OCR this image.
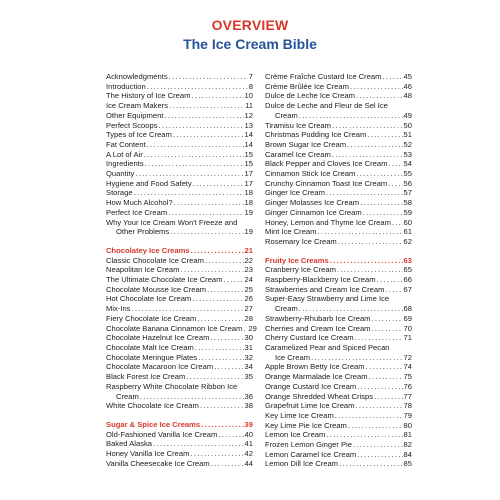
OVERVIEW
The Ice Cream Bible
Acknowledgments . . .	7
Introduction . . .	8
The History of Ice Cream . . .	10
Ice Cream Makers . . .	11
Other Equipment . . .	12
Perfect Scoops . . .	13
Types of Ice Cream . . .	14
Fat Content . . .	14
A Lot of Air . . .	15
Ingredients . . .	15
Quantity . . .	17
Hygiene and Food Safety . . .	17
Storage . . .	18
How Much Alcohol? . . .	18
Perfect Ice Cream . . .	19
Why Your Ice Cream Won't Freeze and
Other Problems . . .	19
Chocolatey Ice Creams . . .	21
Classic Chocolate Ice Cream . . .	22
Neapolitan Ice Cream . . .	23
The Ultimate Chocolate Ice Cream . . .	24
Chocolate Mousse Ice Cream . . .	25
Hot Chocolate Ice Cream . . .	26
Mix-Ins . . .	27
Fiery Chocolate Ice Cream . . .	28
Chocolate Banana Cinnamon Ice Cream . . . 29
Chocolate Hazelnut Ice Cream . . .	30
Chocolate Malt Ice Cream . . .	31
Chocolate Meringue Plates . . .	32
Chocolate Macaroon Ice Cream . . .	34
Black Forest Ice Cream . . .	35
Raspberry White Chocolate Ribbon Ice
Cream . . .	36
White Chocolate Ice Cream . . .	38
Sugar & Spice Ice Creams . . .	39
Old-Fashioned Vanilla Ice Cream . . .	40
Baked Alaska . . .	41
Honey Vanilla Ice Cream . . .	42
Vanilla Cheesecake Ice Cream . . .	44
Crème Fraîche Custard Ice Cream . . .	45
Crème Brûlée Ice Cream . . .	46
Dulce de Leche Ice Cream . . .	48
Dulce de Leche and Fleur de Sel Ice
Cream . . .	49
Tiramisu Ice Cream . . .	50
Christmas Pudding Ice Cream . . .	51
Brown Sugar Ice Cream . . .	52
Caramel Ice Cream . . .	53
Black Pepper and Cloves Ice Cream . . . 54
Cinnamon Stick Ice Cream . . .	55
Crunchy Cinnamon Toast Ice Cream . . . 56
Ginger Ice Cream . . .	57
Ginger Molasses Ice Cream . . .	58
Ginger Cinnamon Ice Cream . . .	59
Honey, Lemon and Thyme Ice Cream . . . 60
Mint Ice Cream . . .	61
Rosemary Ice Cream . . .	62
Fruity Ice Creams . . .	63
Cranberry Ice Cream . . .	65
Raspberry-Blackberry Ice Cream . . .	66
Strawberries and Cream Ice Cream . . .	67
Super-Easy Strawberry and Lime Ice
Cream . . .	68
Strawberry-Rhubarb Ice Cream . . .	69
Cherries and Cream Ice Cream . . .	70
Cherry Custard Ice Cream . . .	71
Caramelized Pear and Spiced Pecan
Ice Cream . . .	72
Apple Brown Betty Ice Cream . . .	74
Orange Marmalade Ice Cream . . .	75
Orange Custard Ice Cream . . .	76
Orange Shredded Wheat Crisps . . .	77
Grapefruit Lime Ice Cream . . .	78
Key Lime Ice Cream . . .	79
Key Lime Pie Ice Cream . . .	80
Lemon Ice Cream . . .	81
Frozen Lemon Ginger Pie . . .	82
Lemon Caramel Ice Cream . . .	84
Lemon Dill Ice Cream . . .	85
